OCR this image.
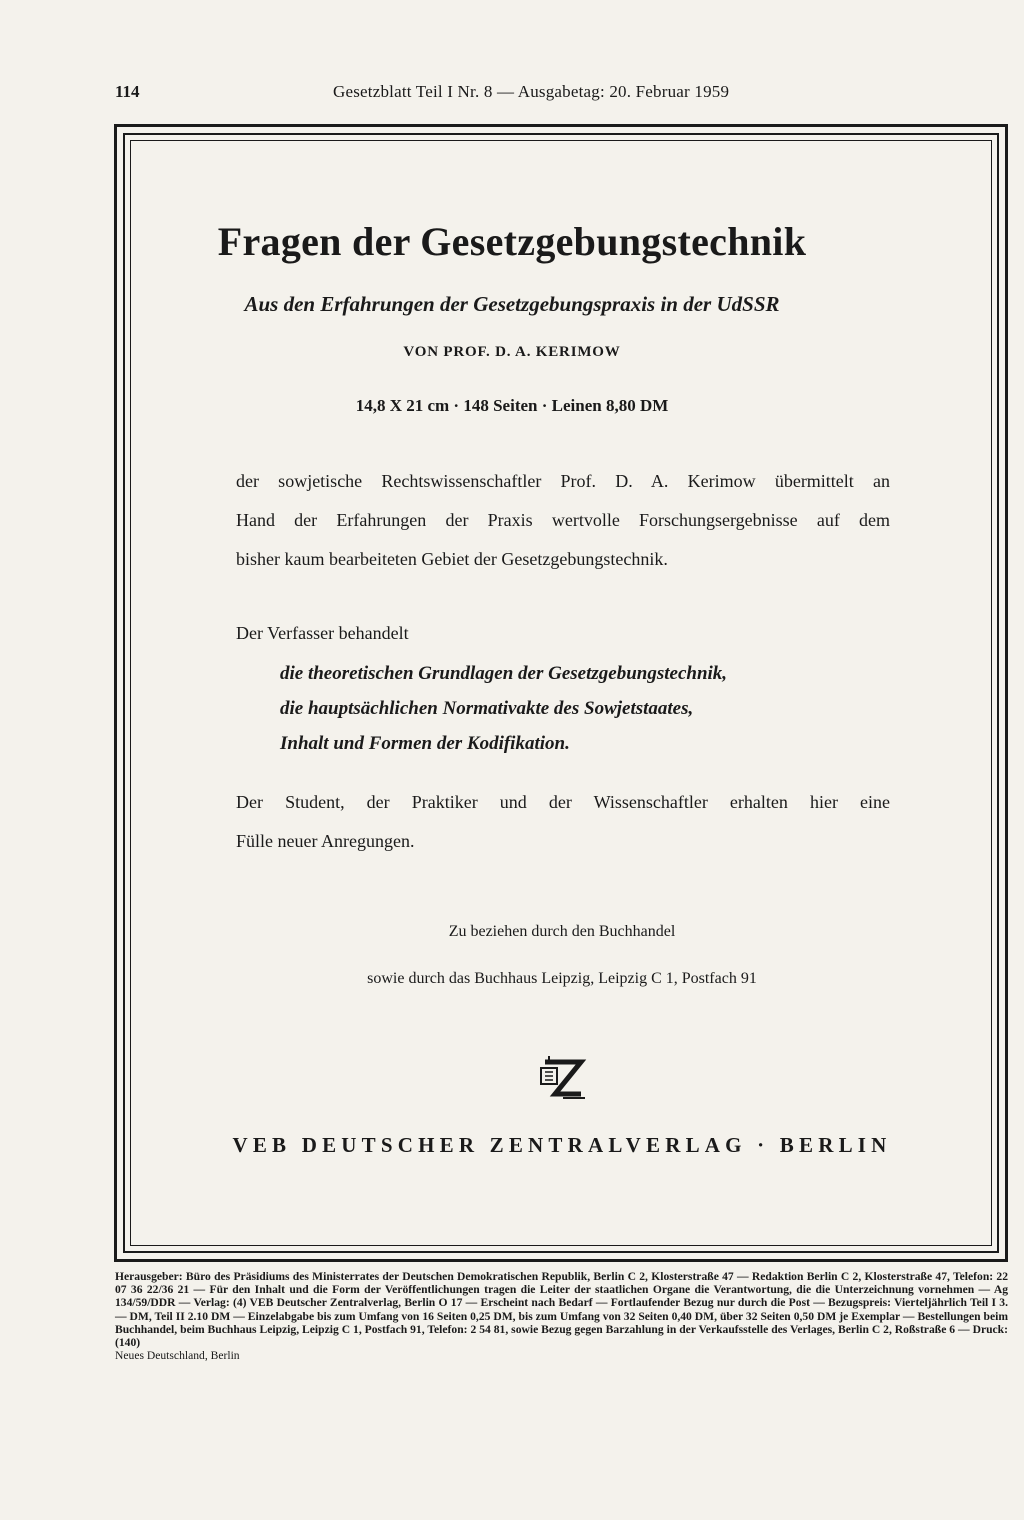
114	Gesetzblatt Teil I Nr. 8 — Ausgabetag: 20. Februar 1959
Fragen der Gesetzgebungstechnik
Aus den Erfahrungen der Gesetzgebungspraxis in der UdSSR
VON PROF. D. A. KERIMOW
14,8 X 21 cm · 148 Seiten · Leinen 8,80 DM
der sowjetische Rechtswissenschaftler Prof. D. A. Kerimow übermittelt an
Hand der Erfahrungen der Praxis wertvolle Forschungsergebnisse auf dem
bisher kaum bearbeiteten Gebiet der Gesetzgebungstechnik.
Der Verfasser behandelt
die theoretischen Grundlagen der Gesetzgebungstechnik,
die hauptsächlichen Normativakte des Sowjetstaates,
Inhalt und Formen der Kodifikation.
Der Student, der Praktiker und der Wissenschaftler erhalten hier eine
Fülle neuer Anregungen.
Zu beziehen durch den Buchhandel
sowie durch das Buchhaus Leipzig, Leipzig C 1, Postfach 91
VEB DEUTSCHER ZENTRALVERLAG · BERLIN
Herausgeber: Büro des Präsidiums des Ministerrates der Deutschen Demokratischen Republik, Berlin C 2, Klosterstraße 47 — Redaktion Berlin C 2, Klosterstraße 47, Telefon: 22 07 36 22/36 21 — Für den Inhalt und die Form der Veröffentlichungen tragen die Leiter der staatlichen Organe die Verantwortung, die die Unterzeichnung vornehmen — Ag 134/59/DDR — Verlag: (4) VEB Deutscher Zentralverlag, Berlin O 17 — Erscheint nach Bedarf — Fortlaufender Bezug nur durch die Post — Bezugspreis: Vierteljährlich Teil I 3.— DM, Teil II 2.10 DM — Einzelabgabe bis zum Umfang von 16 Seiten 0,25 DM, bis zum Umfang von 32 Seiten 0,40 DM, über 32 Seiten 0,50 DM je Exemplar — Bestellungen beim Buchhandel, beim Buchhaus Leipzig, Leipzig C 1, Postfach 91, Telefon: 2 54 81, sowie Bezug gegen Barzahlung in der Verkaufsstelle des Verlages, Berlin C 2, Roßstraße 6 — Druck: (140)
Neues Deutschland, Berlin
